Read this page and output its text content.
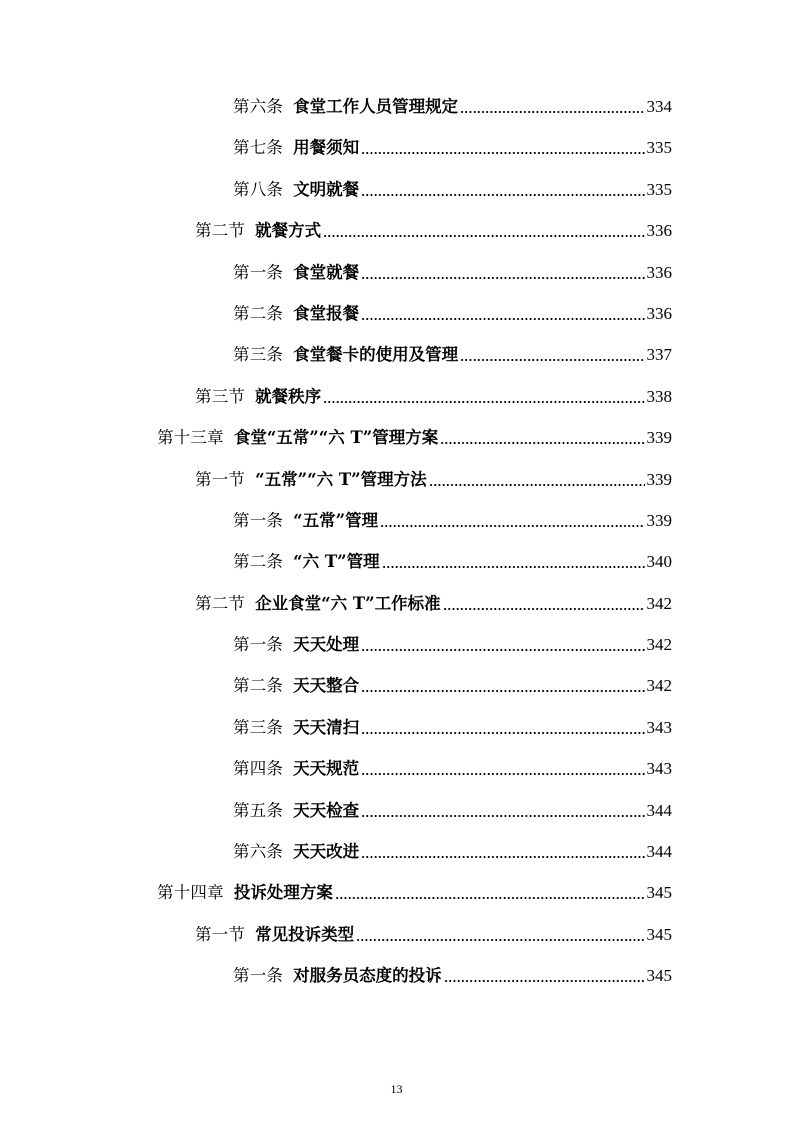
第六条 食堂工作人员管理规定	334
第七条 用餐须知	335
第八条 文明就餐	335
第二节 就餐方式	336
第一条 食堂就餐	336
第二条 食堂报餐	336
第三条 食堂餐卡的使用及管理	337
第三节 就餐秩序	338
第十三章 食堂“五常”“六 T”管理方案	339
第一节 “五常”“六 T”管理方法	339
第一条 “五常”管理	339
第二条 “六 T”管理	340
第二节 企业食堂“六 T”工作标准	342
第一条 天天处理	342
第二条 天天整合	342
第三条 天天清扫	343
第四条 天天规范	343
第五条 天天检查	344
第六条 天天改进	344
第十四章 投诉处理方案	345
第一节 常见投诉类型	345
第一条 对服务员态度的投诉	345
13
